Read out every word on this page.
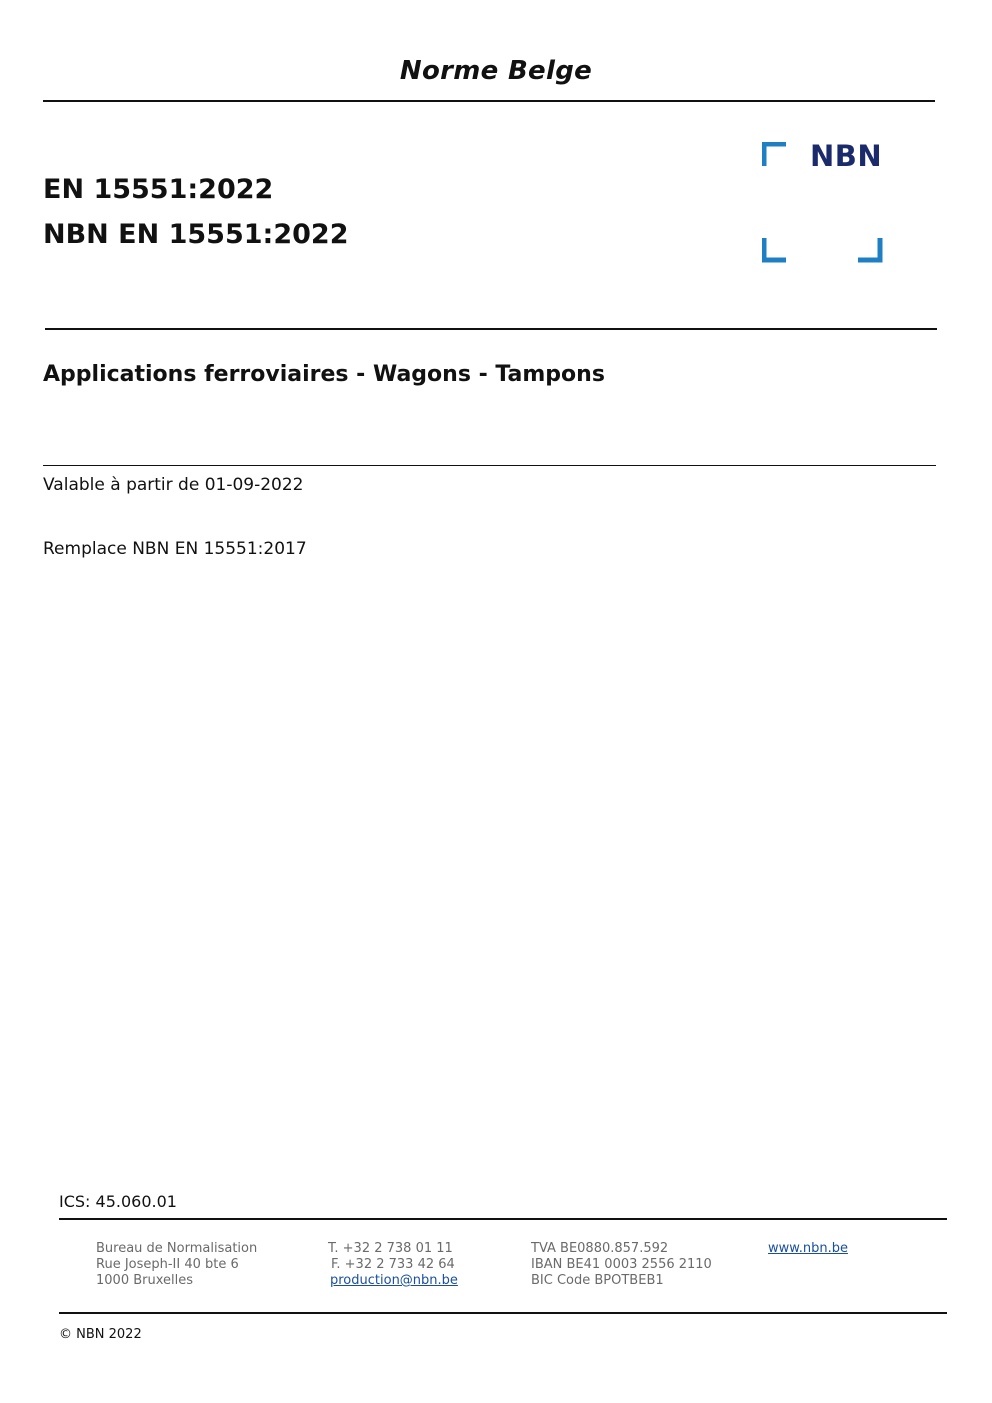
Norme Belge
EN 15551:2022
NBN EN 15551:2022
NBN
Applications ferroviaires - Wagons - Tampons
Valable à partir de 01-09-2022
Remplace NBN EN 15551:2017
ICS: 45.060.01
Bureau de Normalisation
Rue Joseph-II 40 bte 6
1000 Bruxelles
T. +32 2 738 01 11
F. +32 2 733 42 64
production@nbn.be
TVA BE0880.857.592
IBAN BE41 0003 2556 2110
BIC Code BPOTBEB1
www.nbn.be
© NBN 2022
